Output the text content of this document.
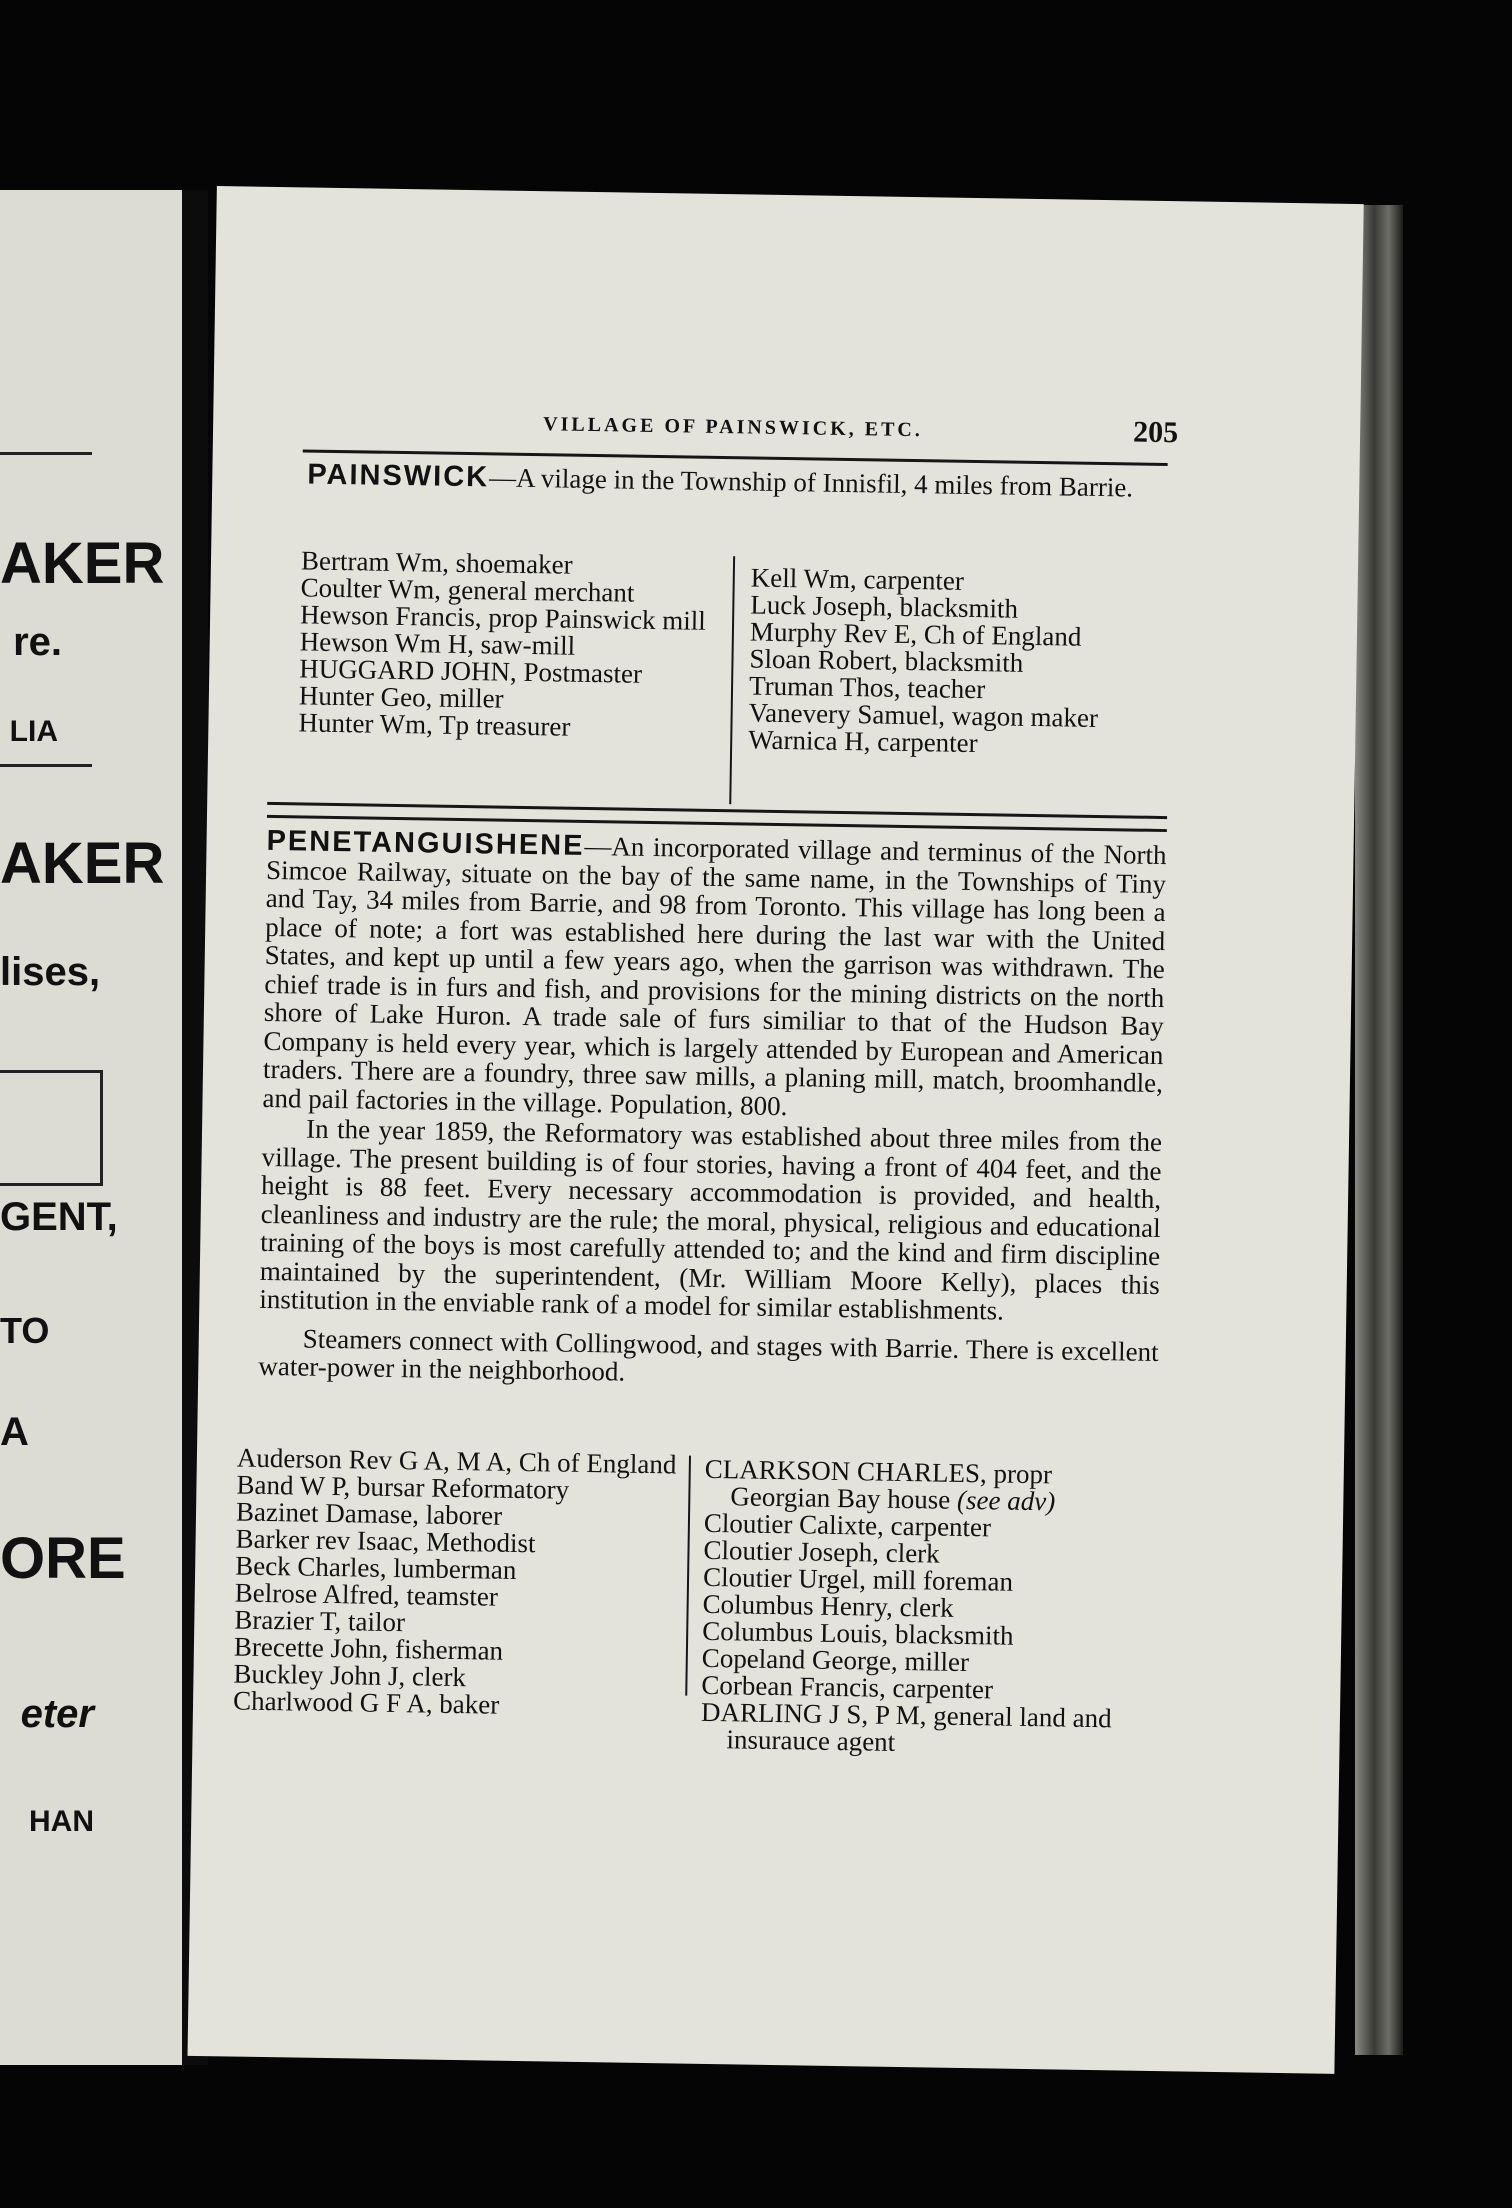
AKER
re.
LIA
AKER
lises,
GENT,
TO
A
ORE
eter
HAN
VILLAGE OF PAINSWICK, ETC.	205
PAINSWICK—A vilage in the Township of Innisfil, 4 miles from Barrie.

Bertram Wm, shoemaker

Coulter Wm, general merchant

Hewson Francis, prop Painswick mill

Hewson Wm H, saw-mill

HUGGARD JOHN, Postmaster

Hunter Geo, miller

Hunter Wm, Tp treasurer

Kell Wm, carpenter

Luck Joseph, blacksmith

Murphy Rev E, Ch of England

Sloan Robert, blacksmith

Truman Thos, teacher

Vanevery Samuel, wagon maker

Warnica H, carpenter

PENETANGUISHENE—An incorporated village and terminus of the North Simcoe Railway, situate on the bay of the same name, in the Townships of Tiny and Tay, 34 miles from Barrie, and 98 from Toronto. This village has long been a place of note; a fort was established here during the last war with the United States, and kept up until a few years ago, when the garrison was withdrawn. The chief trade is in furs and fish, and provisions for the mining districts on the north shore of Lake Huron. A trade sale of furs similiar to that of the Hudson Bay Company is held every year, which is largely attended by European and American traders. There are a foundry, three saw mills, a planing mill, match, broomhandle, and pail factories in the village. Population, 800.

In the year 1859, the Reformatory was established about three miles from the village. The present building is of four stories, having a front of 404 feet, and the height is 88 feet. Every necessary accommodation is provided, and health, cleanliness and industry are the rule; the moral, physical, religious and educational training of the boys is most carefully attended to; and the kind and firm discipline maintained by the superintendent, (Mr. William Moore Kelly), places this institution in the enviable rank of a model for similar establishments.

Steamers connect with Collingwood, and stages with Barrie. There is excellent water-power in the neighborhood.

Auderson Rev G A, M A, Ch of England

Band W P, bursar Reformatory

Bazinet Damase, laborer

Barker rev Isaac, Methodist

Beck Charles, lumberman

Belrose Alfred, teamster

Brazier T, tailor

Brecette John, fisherman

Buckley John J, clerk

Charlwood G F A, baker

CLARKSON CHARLES, propr Georgian Bay house (see adv)

Cloutier Calixte, carpenter

Cloutier Joseph, clerk

Cloutier Urgel, mill foreman

Columbus Henry, clerk

Columbus Louis, blacksmith

Copeland George, miller

Corbean Francis, carpenter

DARLING J S, P M, general land and insurauce agent
